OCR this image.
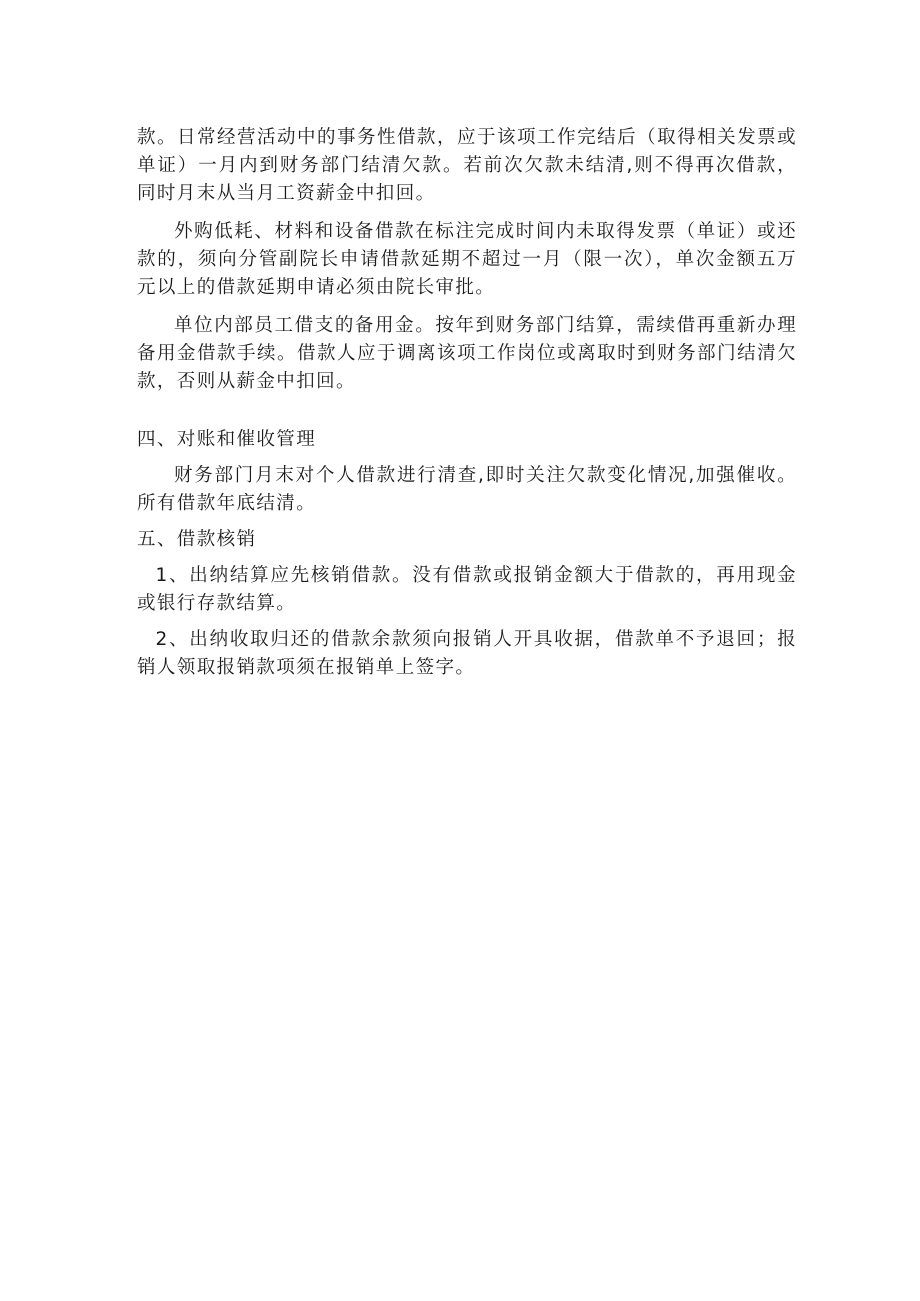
款。日常经营活动中的事务性借款，应于该项工作完结后（取得相关发票或单证）一月内到财务部门结清欠款。若前次欠款未结清,则不得再次借款，同时月末从当月工资薪金中扣回。

外购低耗、材料和设备借款在标注完成时间内未取得发票（单证）或还款的，须向分管副院长申请借款延期不超过一月（限一次），单次金额五万元以上的借款延期申请必须由院长审批。

单位内部员工借支的备用金。按年到财务部门结算，需续借再重新办理备用金借款手续。借款人应于调离该项工作岗位或离取时到财务部门结清欠款，否则从薪金中扣回。

四、对账和催收管理

财务部门月末对个人借款进行清查,即时关注欠款变化情况,加强催收。所有借款年底结清。

五、借款核销

1、出纳结算应先核销借款。没有借款或报销金额大于借款的，再用现金或银行存款结算。

2、出纳收取归还的借款余款须向报销人开具收据，借款单不予退回；报销人领取报销款项须在报销单上签字。
